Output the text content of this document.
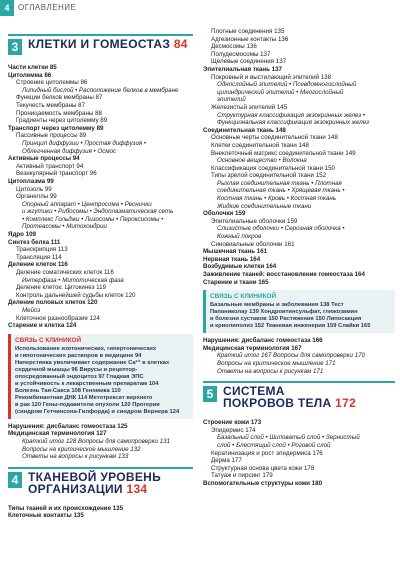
4	ОГЛАВЛЕНИЕ
3 КЛЕТКИ И ГОМЕОСТАЗ 84
Части клетки 85
Цитолемма 86
Строение цитолеммы 86
Липидный бислой • Расположение белков в мембране
Функции белков мембраны 87
Текучесть мембраны 87
Проницаемость мембраны 88
Градиенты через цитолемму 89
Транспорт через цитолемму 89
Пассивные процессы 89
Принцип диффузии • Простая диффузия •
Облегченная диффузия • Осмос
Активные процессы 94
Активный транспорт 94
Везикулярный транспорт 96
Цитоплазма 99
Цитозоль 99
Органеллы 99
Опорный аппарат • Центросома • Реснички
и жгутики • Рибосомы • Эндоплазматическая сеть
• Комплекс Гольджи • Лизосомы • Пероксисомы •
Протеасомы • Митохондрии
Ядро 109
Синтез белка 111
Транскрипция 113
Трансляция 114
Деление клеток 116
Деление соматических клеток 116
Интерфаза • Митотическая фаза
Деление клеток: Цитокинез 119
Контроль дальнейшей судьбы клеток 120
Деление половых клеток 120
Мейоз
Клеточное разнообразие 124
Старение и клетка 124
СВЯЗЬ С КЛИНИКОЙ
Использование изотонических, гипертонических
и гипотонических растворов в медицине 94
Наперстянка увеличивает содержание Ca²⁺ в клетках
сердечной мышцы 96 Вирусы и рецептор-
опосредованный эндоцитоз 97 Гладкая ЭПС
и устойчивость к лекарственным препаратам 104
Болезнь Тая-Сакса 108 Геномика 110
Рекомбинантная ДНК 114 Метотрексат верхнего
в рак 120 Гены-подавители опухоли 120 Прогерия
(синдром Гетчинсона-Гилфорда) и синдром Вернера 124
Нарушения: дисбаланс гомеостаза 125
Медицинская терминология 127
Краткий итог 128 Вопросы для самопроверки 131
Вопросы на критическое мышление 132
Ответы на вопросы к рисункам 133
4 ТКАНЕВОЙ УРОВЕНЬ
ОРГАНИЗАЦИИ 134
Типы тканей и их происхождение 135
Клеточные контакты 135
Плотные соединения 135
Адгезионные контакты 136
Десмосомы 136
Полудесмосомы 137
Щелевые соединения 137
Эпителиальная ткань 137
Покровный и выстилающий эпителий 138
Однослойный эпителий • Псевдомногослойный
цилиндрический эпителий • Многослойный
эпителий
Железистый эпителий 145
Структурная классификация экзокринных желез •
Функциональная классификация экзокринных желез
Соединительная ткань 148
Основные черты соединительной ткани 148
Клетки соединительной ткани 148
Внеклеточный матрикс соединительной ткани 149
Основное вещество • Волокна
Классификация соединительной ткани 150
Типы зрелой соединительной ткани 152
Рыхлая соединительная ткань • Плотная
соединительная ткань • Хрящевая ткань •
Костная ткань • Кровь • Костная ткань
Жидкие соединительные ткани
Оболочки 159
Эпителиальные оболочки 159
Слизистые оболочки • Серозная оболочка •
Кожный покров
Синовиальные оболочки 161
Мышечная ткань 161
Нервная ткань 164
Возбудимые клетки 164
Заживление тканей: восстановление гомеостаза 164
Старение и ткани 165
СВЯЗЬ С КЛИНИКОЙ
Базальные мембраны и заболевания 138 Тест
Папаниколау 139 Хондроитинсульфат, глюкозамин
и болезни суставов 150 Растяжения 150 Липосакция
и криолиполиз 152 Тканевая инженерия 159 Слайки 165
Нарушения: дисбаланс гомеостаза 166
Медицинская терминология 167
Краткий итог 167 Вопросы для самопроверки 170
Вопросы на критическое мышление 171
Ответы на вопросы к рисункам 171
5 СИСТЕМА
ПОКРОВОВ ТЕЛА 172
Строение кожи 173
Эпидермис 174
Базальный слой • Шиповатый слой • Зернистый
слой • Блестящий слой • Роговой слой
Кератинизация и рост эпидермиса 176
Дерма 177
Структурная основа цвета кожи 178
Татуаж и пирсинг 179
Вспомогательные структуры кожи 180
